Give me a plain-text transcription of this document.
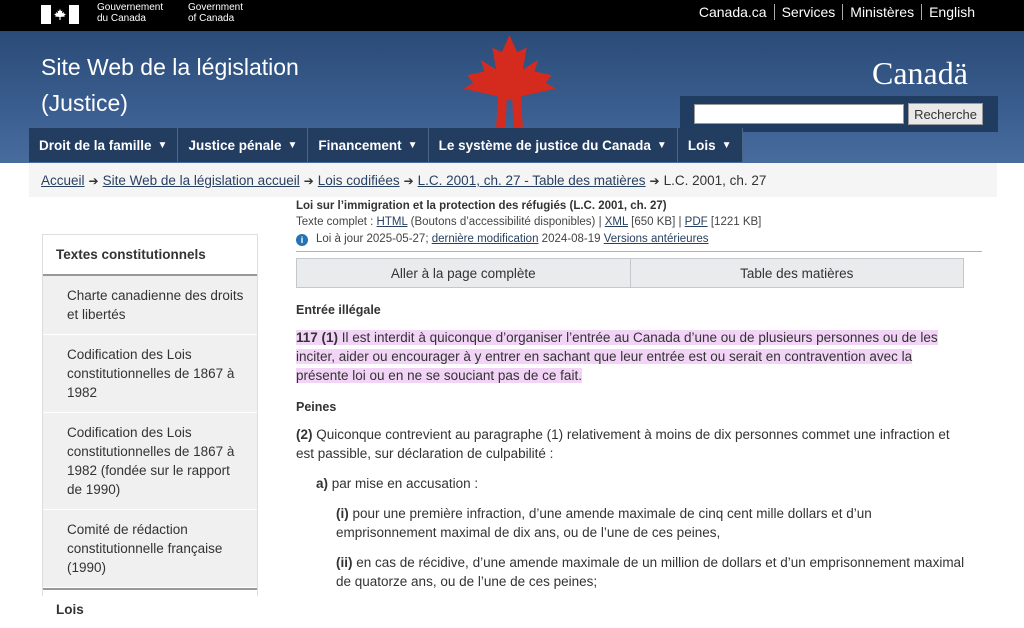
Gouvernement
du Canada
Government
of Canada	Canada.ca	Services	Ministères	English
Site Web de la législation
(Justice)
Canadä
Recherche
Droit de la famille ▼ Justice pénale ▼ Financement ▼ Le système de justice du Canada ▼ Lois ▼
Accueil ➔ Site Web de la législation accueil ➔ Lois codifiées ➔ L.C. 2001, ch. 27 - Table des matières ➔ L.C. 2001, ch. 27
Textes constitutionnels
Charte canadienne des droits et libertés
Codification des Lois constitutionnelles de 1867 à 1982
Codification des Lois constitutionnelles de 1867 à 1982 (fondée sur le rapport de 1990)
Comité de rédaction constitutionnelle française (1990)
Lois
Loi sur l’immigration et la protection des réfugiés (L.C. 2001, ch. 27)
Texte complet : HTML (Boutons d’accessibilité disponibles) | XML [650 KB] | PDF [1221 KB]
i Loi à jour 2025-05-27; dernière modification 2024-08-19 Versions antérieures
Aller à la page complète	Table des matières
Entrée illégale
117 (1) Il est interdit à quiconque d’organiser l’entrée au Canada d’une ou de plusieurs personnes ou de les inciter, aider ou encourager à y entrer en sachant que leur entrée est ou serait en contravention avec la présente loi ou en ne se souciant pas de ce fait.
Peines
(2) Quiconque contrevient au paragraphe (1) relativement à moins de dix personnes commet une infraction et est passible, sur déclaration de culpabilité :
a) par mise en accusation :
(i) pour une première infraction, d’une amende maximale de cinq cent mille dollars et d’un emprisonnement maximal de dix ans, ou de l’une de ces peines,
(ii) en cas de récidive, d’une amende maximale de un million de dollars et d’un emprisonnement maximal de quatorze ans, ou de l’une de ces peines;
